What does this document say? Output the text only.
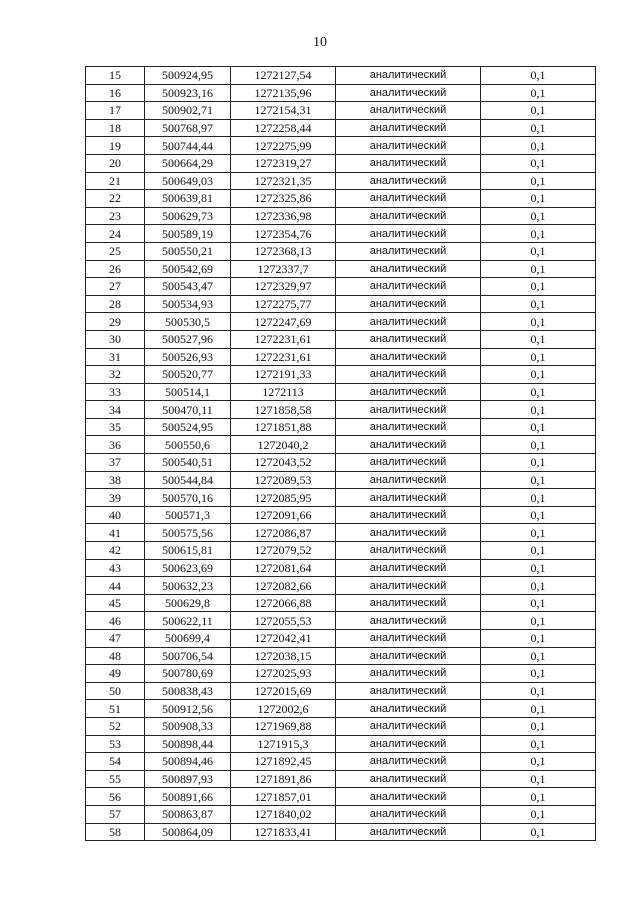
10
15	500924,95	1272127,54	аналитический	0,1
16	500923,16	1272135,96	аналитический	0,1
17	500902,71	1272154,31	аналитический	0,1
18	500768,97	1272258,44	аналитический	0,1
19	500744,44	1272275,99	аналитический	0,1
20	500664,29	1272319,27	аналитический	0,1
21	500649,03	1272321,35	аналитический	0,1
22	500639,81	1272325,86	аналитический	0,1
23	500629,73	1272336,98	аналитический	0,1
24	500589,19	1272354,76	аналитический	0,1
25	500550,21	1272368,13	аналитический	0,1
26	500542,69	1272337,7	аналитический	0,1
27	500543,47	1272329,97	аналитический	0,1
28	500534,93	1272275,77	аналитический	0,1
29	500530,5	1272247,69	аналитический	0,1
30	500527,96	1272231,61	аналитический	0,1
31	500526,93	1272231,61	аналитический	0,1
32	500520,77	1272191,33	аналитический	0,1
33	500514,1	1272113	аналитический	0,1
34	500470,11	1271858,58	аналитический	0,1
35	500524,95	1271851,88	аналитический	0,1
36	500550,6	1272040,2	аналитический	0,1
37	500540,51	1272043,52	аналитический	0,1
38	500544,84	1272089,53	аналитический	0,1
39	500570,16	1272085,95	аналитический	0,1
40	500571,3	1272091,66	аналитический	0,1
41	500575,56	1272086,87	аналитический	0,1
42	500615,81	1272079,52	аналитический	0,1
43	500623,69	1272081,64	аналитический	0,1
44	500632,23	1272082,66	аналитический	0,1
45	500629,8	1272066,88	аналитический	0,1
46	500622,11	1272055,53	аналитический	0,1
47	500699,4	1272042,41	аналитический	0,1
48	500706,54	1272038,15	аналитический	0,1
49	500780,69	1272025,93	аналитический	0,1
50	500838,43	1272015,69	аналитический	0,1
51	500912,56	1272002,6	аналитический	0,1
52	500908,33	1271969,88	аналитический	0,1
53	500898,44	1271915,3	аналитический	0,1
54	500894,46	1271892,45	аналитический	0,1
55	500897,93	1271891,86	аналитический	0,1
56	500891,66	1271857,01	аналитический	0,1
57	500863,87	1271840,02	аналитический	0,1
58	500864,09	1271833,41	аналитический	0,1
